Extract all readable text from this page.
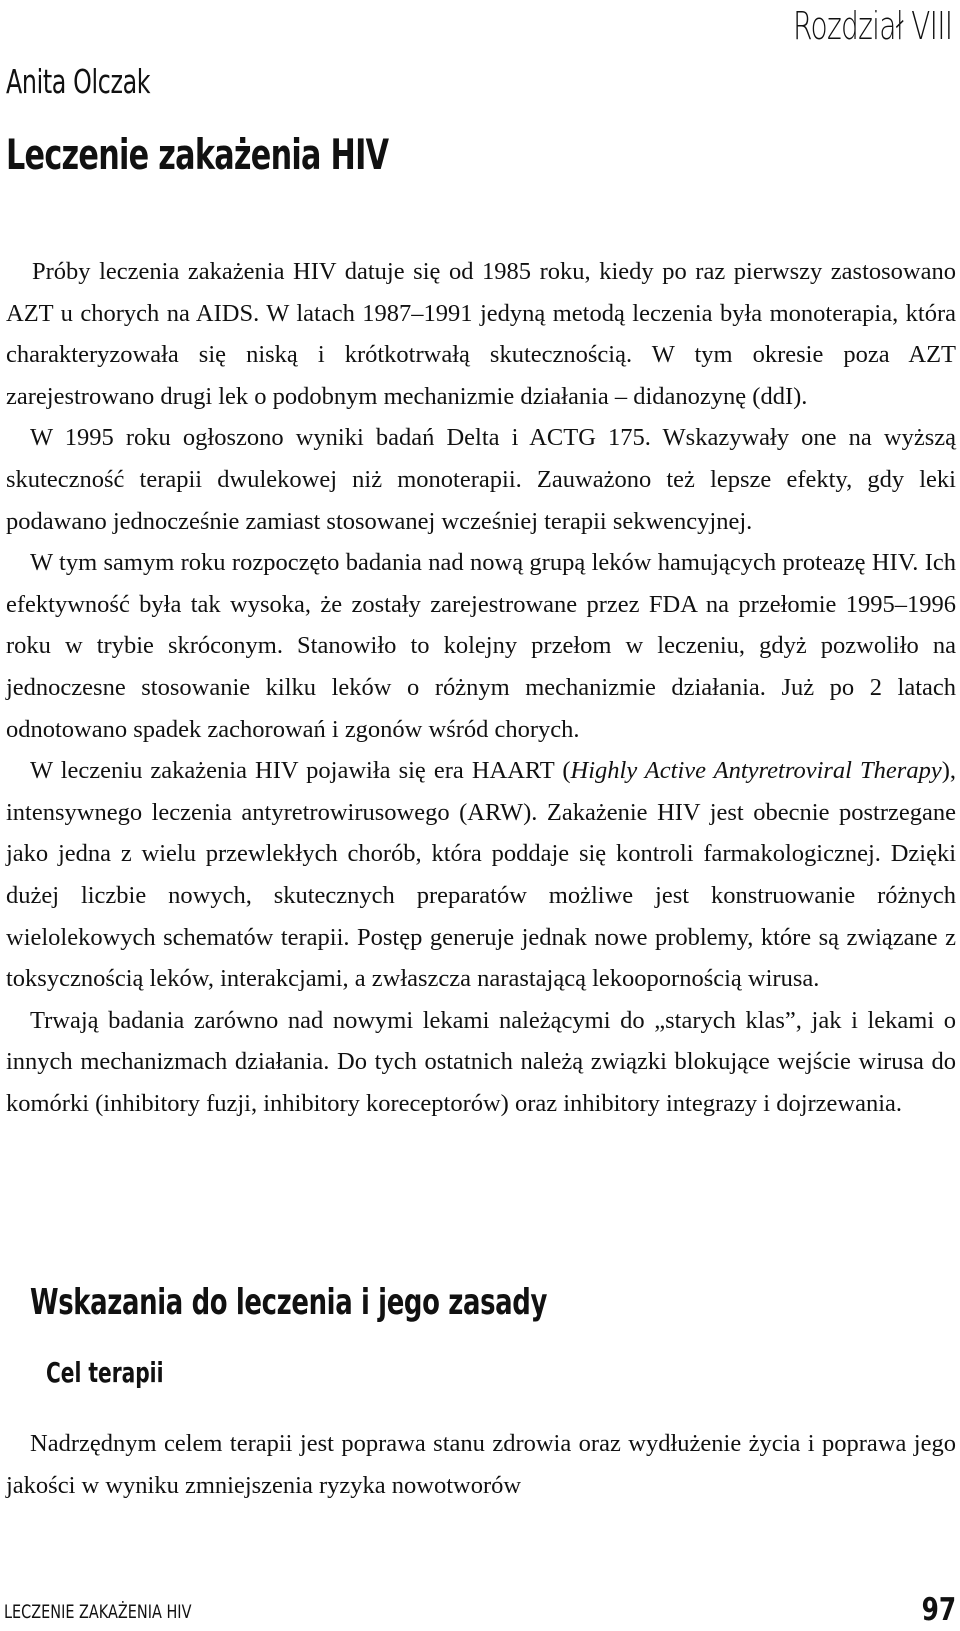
Rozdział VIII
Anita Olczak
Leczenie zakażenia HIV

Próby leczenia zakażenia HIV datuje się od 1985 roku, kiedy po raz pierwszy zastosowano AZT u chorych na AIDS. W latach 1987–1991 jedyną metodą leczenia była monoterapia, która charakteryzowała się niską i krótkotrwałą skutecznością. W tym okresie poza AZT zarejestrowano drugi lek o podobnym mechanizmie działania – didanozynę (ddI).

W 1995 roku ogłoszono wyniki badań Delta i ACTG 175. Wskazywały one na wyższą skuteczność terapii dwulekowej niż monoterapii. Zauważono też lepsze efekty, gdy leki podawano jednocześnie zamiast stosowanej wcześniej terapii sekwencyjnej.

W tym samym roku rozpoczęto badania nad nową grupą leków hamujących proteazę HIV. Ich efektywność była tak wysoka, że zostały zarejestrowane przez FDA na przełomie 1995–1996 roku w trybie skróconym. Stanowiło to kolejny przełom w leczeniu, gdyż pozwoliło na jednoczesne stosowanie kilku leków o różnym mechanizmie działania. Już po 2 latach odnotowano spadek zachorowań i zgonów wśród chorych.

W leczeniu zakażenia HIV pojawiła się era HAART (Highly Active Antyretroviral Therapy), intensywnego leczenia antyretrowirusowego (ARW). Zakażenie HIV jest obecnie postrzegane jako jedna z wielu przewlekłych chorób, która poddaje się kontroli farmakologicznej. Dzięki dużej liczbie nowych, skutecznych preparatów możliwe jest konstruowanie różnych wielolekowych schematów terapii. Postęp generuje jednak nowe problemy, które są związane z toksycznością leków, interakcjami, a zwłaszcza narastającą lekoopornością wirusa.

Trwają badania zarówno nad nowymi lekami należącymi do „starych klas”, jak i lekami o innych mechanizmach działania. Do tych ostatnich należą związki blokujące wejście wirusa do komórki (inhibitory fuzji, inhibitory koreceptorów) oraz inhibitory integrazy i dojrzewania.

Wskazania do leczenia i jego zasady
Cel terapii

Nadrzędnym celem terapii jest poprawa stanu zdrowia oraz wydłużenie życia i poprawa jego jakości w wyniku zmniejszenia ryzyka nowotworów

LECZENIE ZAKAŻENIA HIV	97
